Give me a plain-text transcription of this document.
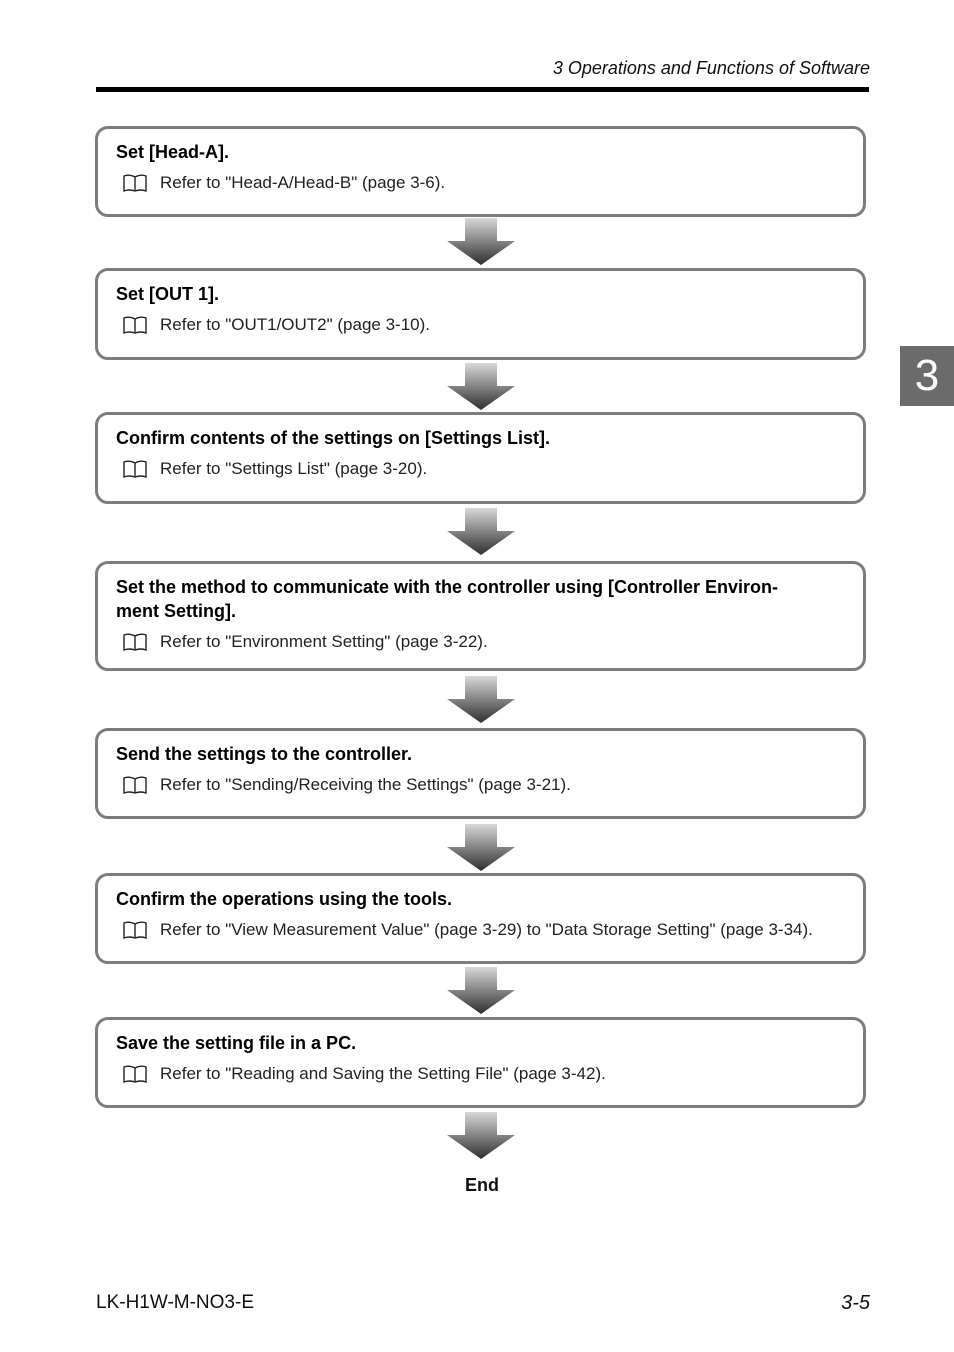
3 Operations and Functions of Software
3
Set [Head-A].
Refer to "Head-A/Head-B" (page 3-6).
Set [OUT 1].
Refer to "OUT1/OUT2" (page 3-10).
Confirm contents of the settings on [Settings List].
Refer to "Settings List" (page 3-20).
Set the method to communicate with the controller using [Controller Environ-
ment Setting].
Refer to "Environment Setting" (page 3-22).
Send the settings to the controller.
Refer to "Sending/Receiving the Settings" (page 3-21).
Confirm the operations using the tools.
Refer to "View Measurement Value" (page 3-29) to "Data Storage Setting" (page 3-34).
Save the setting file in a PC.
Refer to "Reading and Saving the Setting File" (page 3-42).
End
LK-H1W-M-NO3-E	3-5
